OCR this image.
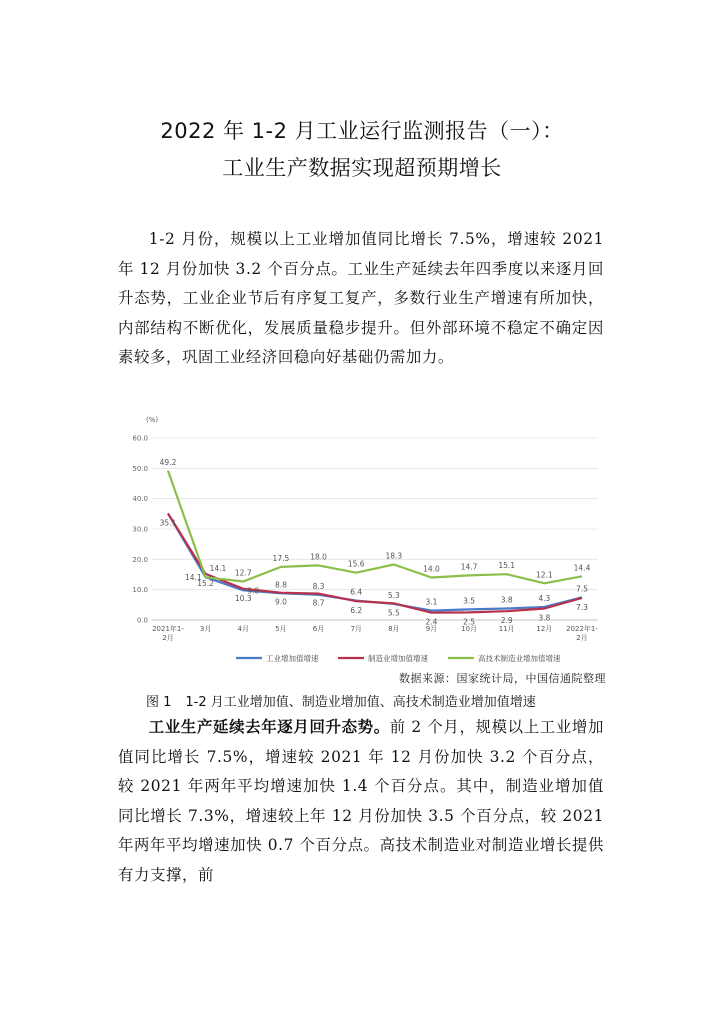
2022 年 1-2 月工业运行监测报告（一）：
工业生产数据实现超预期增长

1-2 月份，规模以上工业增加值同比增长 7.5%，增速较 2021 年 12 月份加快 3.2 个百分点。工业生产延续去年四季度以来逐月回升态势，工业企业节后有序复工复产，多数行业生产增速有所加快，内部结构不断优化，发展质量稳步提升。但外部环境不稳定不确定因素较多，巩固工业经济回稳向好基础仍需加力。

(%)
0.0
10.0
20.0
30.0
40.0
50.0
60.0
2021年1-
2月
3月	4月	5月	6月	7月	8月	9月	10月	11月	12月 2022年1-
2月
49.2
35.1
14.1
14.1
15.2
12.7
9.8
10.3
17.5
8.8
9.0
18.0
8.3
8.7
15.6
6.4
6.2
18.3
5.3
5.5
14.0
3.1
2.4
14.7
3.5
2.5
15.1
3.8
2.9
12.1
4.3
3.8
14.4
7.5
7.3
工业增加值增速	制造业增加值增速	高技术制造业增加值增速
数据来源：国家统计局，中国信通院整理
图 1 1-2 月工业增加值、制造业增加值、高技术制造业增加值增速

工业生产延续去年逐月回升态势。前 2 个月，规模以上工业增加值同比增长 7.5%，增速较 2021 年 12 月份加快 3.2 个百分点，较 2021 年两年平均增速加快 1.4 个百分点。其中，制造业增加值同比增长 7.3%，增速较上年 12 月份加快 3.5 个百分点，较 2021 年两年平均增速加快 0.7 个百分点。高技术制造业对制造业增长提供有力支撑，前
